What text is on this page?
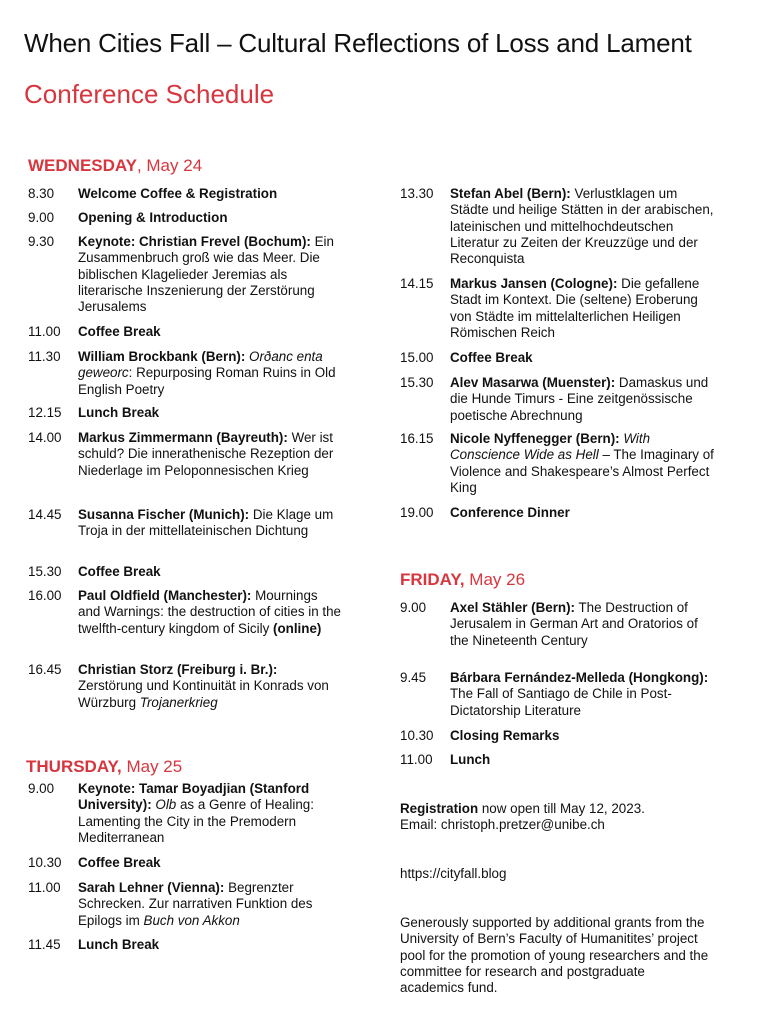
When Cities Fall – Cultural Reflections of Loss and Lament
Conference Schedule
WEDNESDAY, May 24
8.30 Welcome Coffee & Registration
9.00 Opening & Introduction
9.30 Keynote: Christian Frevel (Bochum): Ein Zusammenbruch groß wie das Meer. Die biblischen Klagelieder Jeremias als literarische Inszenierung der Zerstörung Jerusalems
11.00 Coffee Break
11.30 William Brockbank (Bern): Orðanc enta geweorc: Repurposing Roman Ruins in Old English Poetry
12.15 Lunch Break
14.00 Markus Zimmermann (Bayreuth): Wer ist schuld? Die innerathenische Rezeption der Niederlage im Peloponnesischen Krieg
14.45 Susanna Fischer (Munich): Die Klage um Troja in der mittellateinischen Dichtung
15.30 Coffee Break
16.00 Paul Oldfield (Manchester): Mournings and Warnings: the destruction of cities in the twelfth-century kingdom of Sicily (online)
16.45 Christian Storz (Freiburg i. Br.): Zerstörung und Kontinuität in Konrads von Würzburg Trojanerkrieg
THURSDAY, May 25
9.00 Keynote: Tamar Boyadjian (Stanford University): Olb as a Genre of Healing: Lamenting the City in the Premodern Mediterranean
10.30 Coffee Break
11.00 Sarah Lehner (Vienna): Begrenzter Schrecken. Zur narrativen Funktion des Epilogs im Buch von Akkon
11.45 Lunch Break
13.30 Stefan Abel (Bern): Verlustklagen um Städte und heilige Stätten in der arabischen, lateinischen und mittelhochdeutschen Literatur zu Zeiten der Kreuzzüge und der Reconquista
14.15 Markus Jansen (Cologne): Die gefallene Stadt im Kontext. Die (seltene) Eroberung von Städte im mittelalterlichen Heiligen Römischen Reich
15.00 Coffee Break
15.30 Alev Masarwa (Muenster): Damaskus und die Hunde Timurs - Eine zeitgenössische poetische Abrechnung
16.15 Nicole Nyffenegger (Bern): With Conscience Wide as Hell – The Imaginary of Violence and Shakespeare’s Almost Perfect King
19.00 Conference Dinner
FRIDAY, May 26
9.00 Axel Stähler (Bern): The Destruction of Jerusalem in German Art and Oratorios of the Nineteenth Century
9.45 Bárbara Fernández-Melleda (Hongkong): The Fall of Santiago de Chile in Post-Dictatorship Literature
10.30 Closing Remarks
11.00 Lunch
Registration now open till May 12, 2023.
Email: christoph.pretzer@unibe.ch
https://cityfall.blog
Generously supported by additional grants from the University of Bern’s Faculty of Humanitites’ project pool for the promotion of young researchers and the committee for research and postgraduate academics fund.
